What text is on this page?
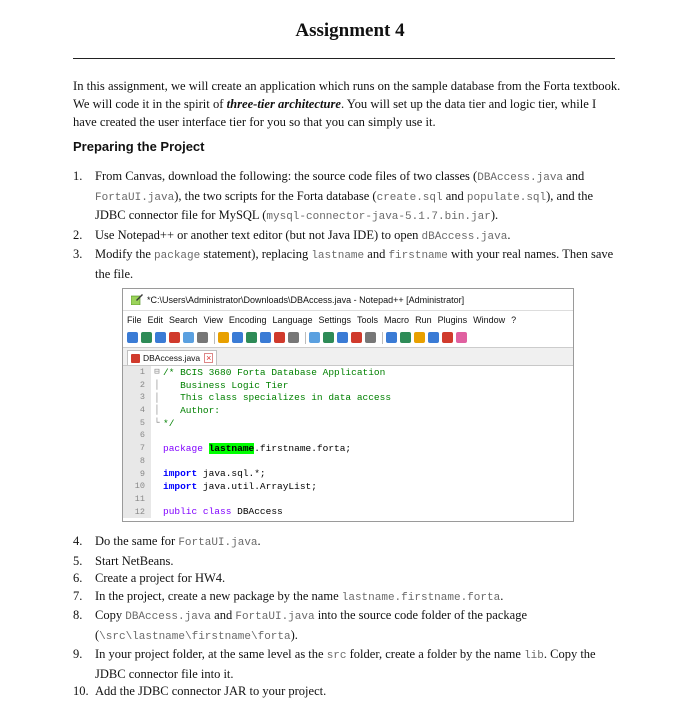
Assignment 4

In this assignment, we will create an application which runs on the sample database from the Forta textbook. We will code it in the spirit of three-tier architecture. You will set up the data tier and logic tier, while I have created the user interface tier for you so that you can simply use it.

Preparing the Project
1. From Canvas, download the following: the source code files of two classes (DBAccess.java and FortaUI.java), the two scripts for the Forta database (create.sql and populate.sql), and the JDBC connector file for MySQL (mysql-connector-java-5.1.7.bin.jar).
2. Use Notepad++ or another text editor (but not Java IDE) to open dBAccess.java.
3. Modify the package statement), replacing lastname and firstname with your real names. Then save the file.
*C:\Users\Administrator\Downloads\DBAccess.java - Notepad++ [Administrator]
File Edit Search View Encoding Language Settings Tools Macro Run Plugins Window ?
DBAccess.java ×
1	⊟ /* BCIS 3680 Forta Database Application
2	│ Business Logic Tier
3	│ This class specializes in data access
4	│ Author:
5	└ */
6
7	package lastname .firstname.forta;
8
9	import java.sql.*;
10	import java.util.ArrayList;
11
12	public class DBAccess
4. Do the same for FortaUI.java.
5. Start NetBeans.
6. Create a project for HW4.
7. In the project, create a new package by the name lastname.firstname.forta.
8. Copy DBAccess.java and FortaUI.java into the source code folder of the package (\src\lastname\firstname\forta).
9. In your project folder, at the same level as the src folder, create a folder by the name lib. Copy the JDBC connector file into it.
10. Add the JDBC connector JAR to your project.
